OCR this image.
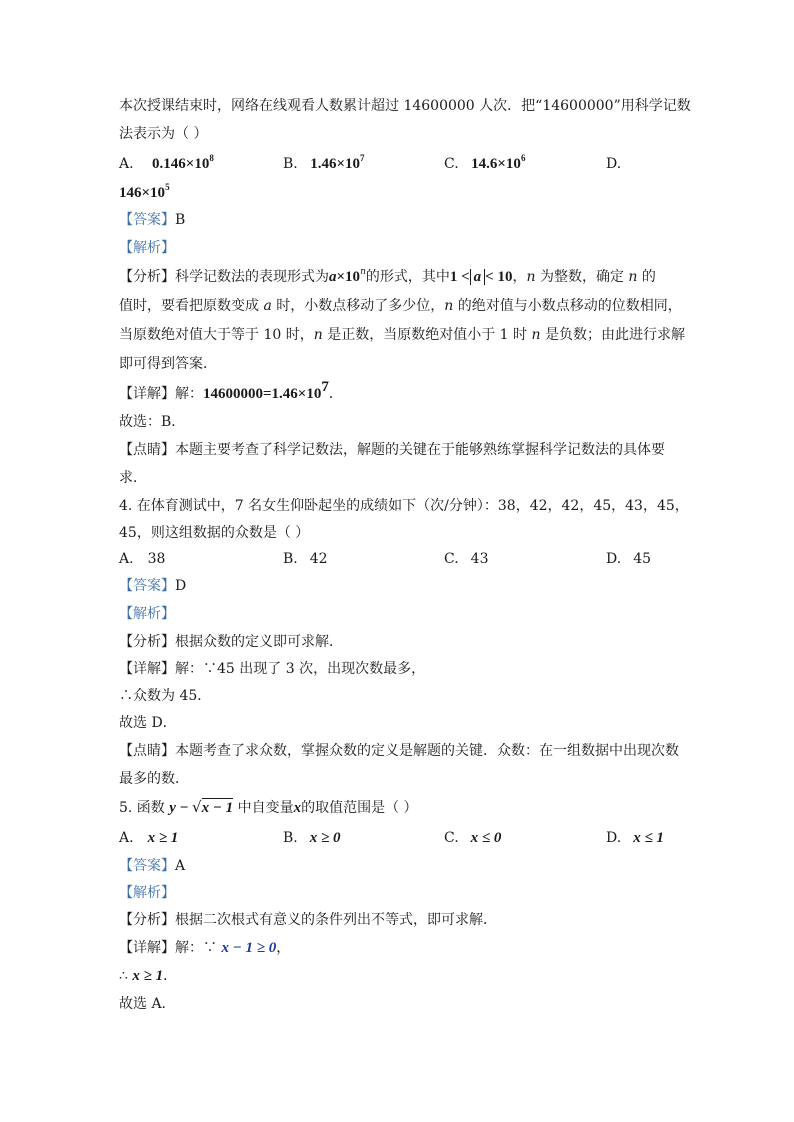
本次授课结束时，网络在线观看人数累计超过 14600000 人次．把“14600000”用科学记数
法表示为（ ）
A. $0.146\times 10^8$	B. $1.46\times 10^7$	C. $14.6\times 10^6$	D.
$146\times 10^5$
【答案】B
【解析】
【分析】科学记数法的表现形式为$a\times 10^n$的形式，其中1 < a < 10，n 为整数，确定 n 的
值时，要看把原数变成 a 时，小数点移动了多少位，n 的绝对值与小数点移动的位数相同，
当原数绝对值大于等于 10 时，n 是正数，当原数绝对值小于 1 时 n 是负数；由此进行求解
即可得到答案．
【详解】解：$14600000=1.46\times 10^7$．
故选：B．
【点睛】本题主要考查了科学记数法，解题的关键在于能够熟练掌握科学记数法的具体要
求．
4. 在体育测试中，7 名女生仰卧起坐的成绩如下（次/分钟）：38，42，42，45，43，45，
45，则这组数据的众数是（ ）
A. 38	B. 42	C. 43	D. 45
【答案】D
【解析】
【分析】根据众数的定义即可求解．
【详解】解：∵45 出现了 3 次，出现次数最多，
∴众数为 45．
故选 D．
【点睛】本题考查了求众数，掌握众数的定义是解题的关键．众数：在一组数据中出现次数
最多的数．
5. 函数 y − √x − 1 中自变量x的取值范围是（ ）
A. x ≥ 1	B. x ≥ 0	C. x ≤ 0	D. x ≤ 1
【答案】A
【解析】
【分析】根据二次根式有意义的条件列出不等式，即可求解．
【详解】解：∵ x − 1 ≥ 0，
∴ x ≥ 1．
故选 A．
